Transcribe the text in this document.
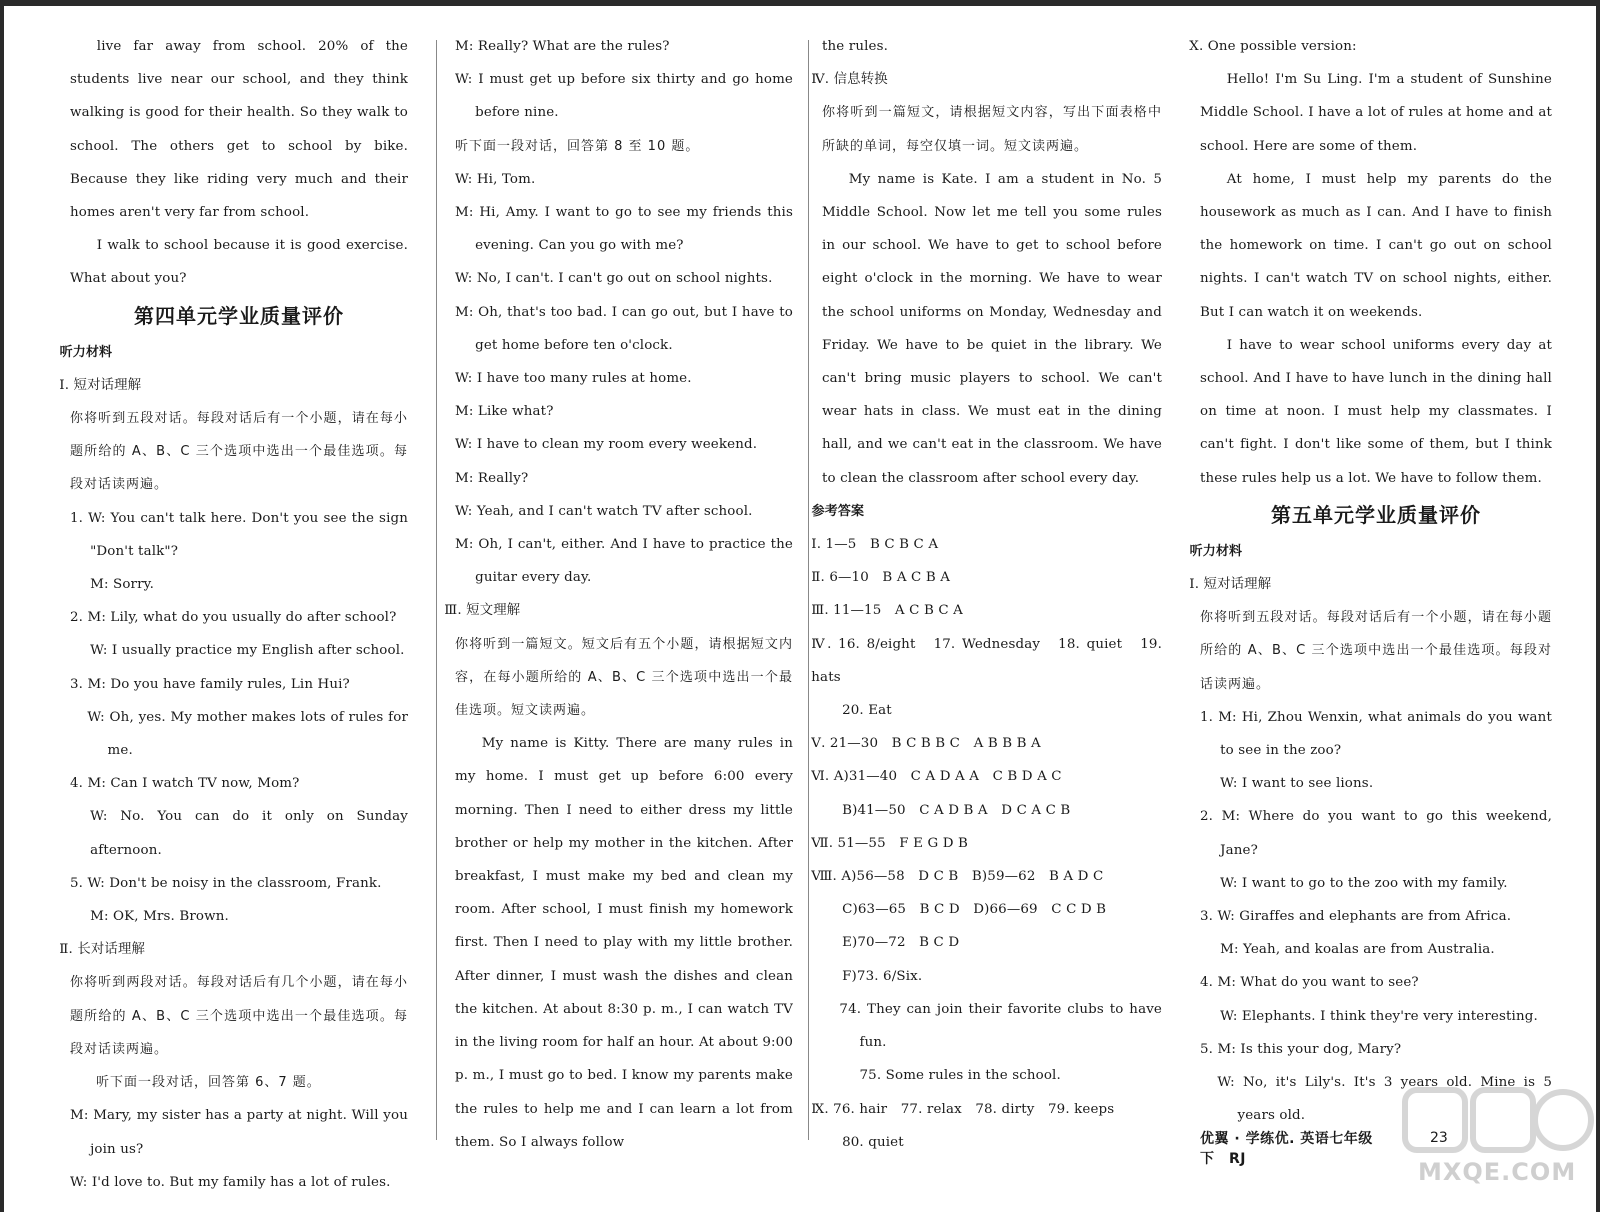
live far away from school. 20% of the students live near our school, and they think walking is good for their health. So they walk to school. The others get to school by bike. Because they like riding very much and their homes aren't very far from school.

I walk to school because it is good exercise. What about you?

第四单元学业质量评价

听力材料

Ⅰ. 短对话理解

你将听到五段对话。每段对话后有一个小题，请在每小题所给的 A、B、C 三个选项中选出一个最佳选项。每段对话读两遍。

1. W: You can't talk here. Don't you see the sign "Don't talk"?

M: Sorry.

2. M: Lily, what do you usually do after school?

W: I usually practice my English after school.

3. M: Do you have family rules, Lin Hui?

W: Oh, yes. My mother makes lots of rules for me.

4. M: Can I watch TV now, Mom?

W: No. You can do it only on Sunday afternoon.

5. W: Don't be noisy in the classroom, Frank.

M: OK, Mrs. Brown.

Ⅱ. 长对话理解

你将听到两段对话。每段对话后有几个小题，请在每小题所给的 A、B、C 三个选项中选出一个最佳选项。每段对话读两遍。

听下面一段对话，回答第 6、7 题。

M: Mary, my sister has a party at night. Will you join us?

W: I'd love to. But my family has a lot of rules.

M: Really? What are the rules?

W: I must get up before six thirty and go home before nine.

听下面一段对话，回答第 8 至 10 题。

W: Hi, Tom.

M: Hi, Amy. I want to go to see my friends this evening. Can you go with me?

W: No, I can't. I can't go out on school nights.

M: Oh, that's too bad. I can go out, but I have to get home before ten o'clock.

W: I have too many rules at home.

M: Like what?

W: I have to clean my room every weekend.

M: Really?

W: Yeah, and I can't watch TV after school.

M: Oh, I can't, either. And I have to practice the guitar every day.

Ⅲ. 短文理解

你将听到一篇短文。短文后有五个小题，请根据短文内容，在每小题所给的 A、B、C 三个选项中选出一个最佳选项。短文读两遍。

My name is Kitty. There are many rules in my home. I must get up before 6:00 every morning. Then I need to either dress my little brother or help my mother in the kitchen. After breakfast, I must make my bed and clean my room. After school, I must finish my homework first. Then I need to play with my little brother. After dinner, I must wash the dishes and clean the kitchen. At about 8:30 p. m., I can watch TV in the living room for half an hour. At about 9:00 p. m., I must go to bed. I know my parents make the rules to help me and I can learn a lot from them. So I always follow

the rules.

Ⅳ. 信息转换

你将听到一篇短文，请根据短文内容，写出下面表格中所缺的单词，每空仅填一词。短文读两遍。

My name is Kate. I am a student in No. 5 Middle School. Now let me tell you some rules in our school. We have to get to school before eight o'clock in the morning. We have to wear the school uniforms on Monday, Wednesday and Friday. We have to be quiet in the library. We can't bring music players to school. We can't wear hats in class. We must eat in the dining hall, and we can't eat in the classroom. We have to clean the classroom after school every day.

参考答案

Ⅰ. 1—5　B C B C A

Ⅱ. 6—10　B A C B A

Ⅲ. 11—15　A C B C A

Ⅳ. 16. 8/eight　17. Wednesday　18. quiet　19. hats

20. Eat

Ⅴ. 21—30　B C B B C　A B B B A

Ⅵ. A)31—40　C A D A A　C B D A C

B)41—50　C A D B A　D C A C B

Ⅶ. 51—55　F E G D B

Ⅷ. A)56—58　D C B　B)59—62　B A D C

C)63—65　B C D　D)66—69　C C D B

E)70—72　B C D

F)73. 6/Six.

74. They can join their favorite clubs to have fun.

75. Some rules in the school.

Ⅸ. 76. hair　77. relax　78. dirty　79. keeps

80. quiet

Ⅹ. One possible version:

Hello! I'm Su Ling. I'm a student of Sunshine Middle School. I have a lot of rules at home and at school. Here are some of them.

At home, I must help my parents do the housework as much as I can. And I have to finish the homework on time. I can't go out on school nights. I can't watch TV on school nights, either. But I can watch it on weekends.

I have to wear school uniforms every day at school. And I have to have lunch in the dining hall on time at noon. I must help my classmates. I can't fight. I don't like some of them, but I think these rules help us a lot. We have to follow them.

第五单元学业质量评价

听力材料

Ⅰ. 短对话理解

你将听到五段对话。每段对话后有一个小题，请在每小题所给的 A、B、C 三个选项中选出一个最佳选项。每段对话读两遍。

1. M: Hi, Zhou Wenxin, what animals do you want to see in the zoo?

W: I want to see lions.

2. M: Where do you want to go this weekend, Jane?

W: I want to go to the zoo with my family.

3. W: Giraffes and elephants are from Africa.

M: Yeah, and koalas are from Australia.

4. M: What do you want to see?

W: Elephants. I think they're very interesting.

5. M: Is this your dog, Mary?

W: No, it's Lily's. It's 3 years old. Mine is 5 years old.

优翼 · 学练优. 英语七年级　下　RJ
23
MXQE.COM
